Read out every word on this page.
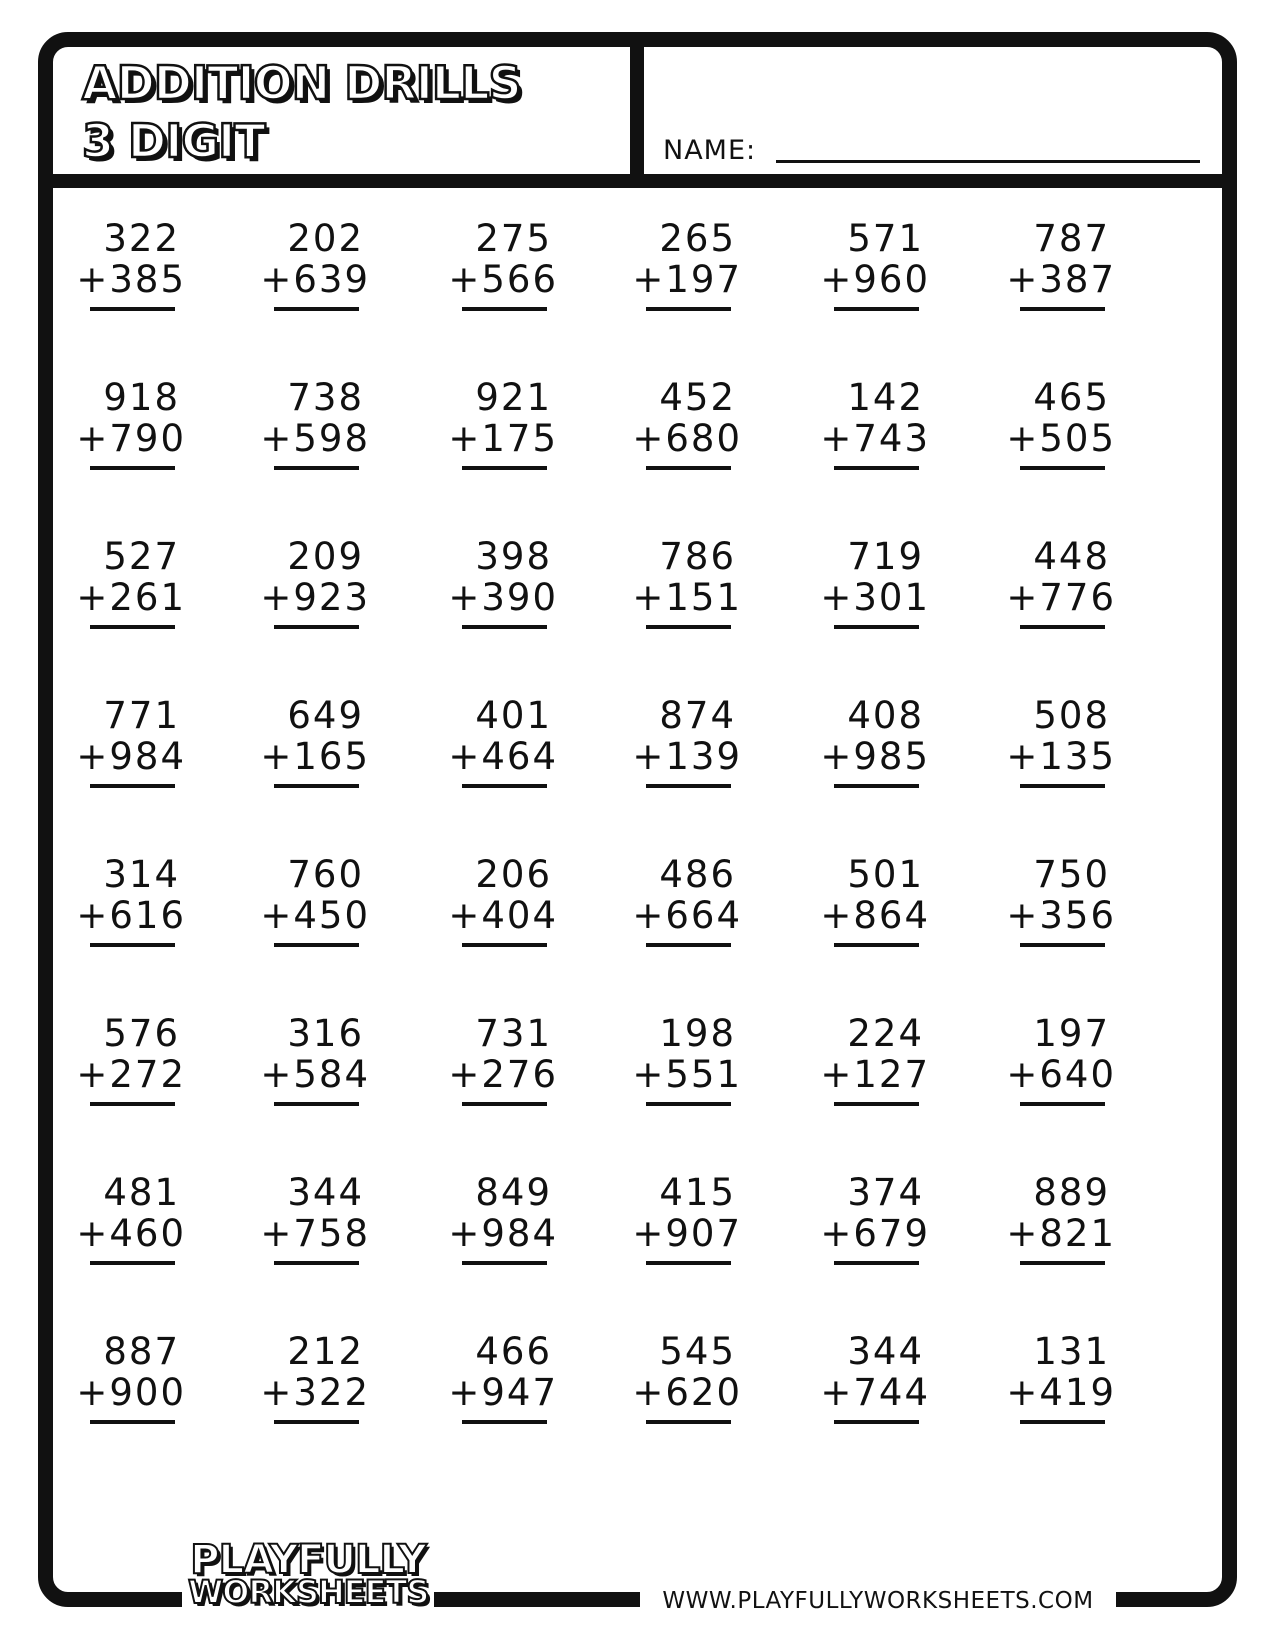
ADDITION DRILLS
3 DIGIT	NAME:
322
+385
202
+639
275
+566
265
+197
571
+960
787
+387
918
+790
738
+598
921
+175
452
+680
142
+743
465
+505
527
+261
209
+923
398
+390
786
+151
719
+301
448
+776
771
+984
649
+165
401
+464
874
+139
408
+985
508
+135
314
+616
760
+450
206
+404
486
+664
501
+864
750
+356
576
+272
316
+584
731
+276
198
+551
224
+127
197
+640
481
+460
344
+758
849
+984
415
+907
374
+679
889
+821
887
+900
212
+322
466
+947
545
+620
344
+744
131
+419
PLAYFULLY
WORKSHEETS	WWW.PLAYFULLYWORKSHEETS.COM
